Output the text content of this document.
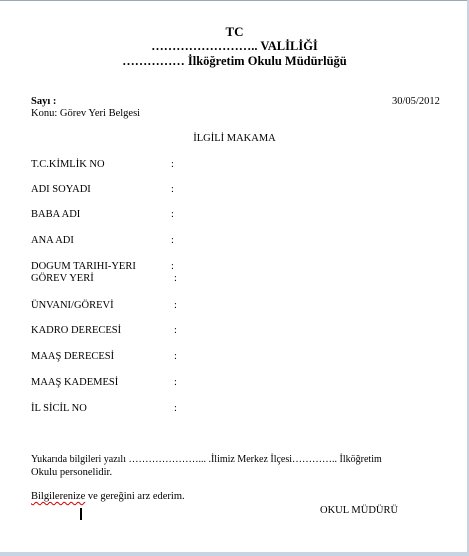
TC
…………………….. VALİLİĞİ
…………… İlköğretim Okulu Müdürlüğü
Sayı :
Konu: Görev Yeri Belgesi
30/05/2012
İLGİLİ MAKAMA
T.C.KİMLİK NO	:
ADI SOYADI	:
BABA ADI	:
ANA ADI	:
DOGUM TARIHI-YERI	:
GÖREV YERİ	:
ÜNVANI/GÖREVİ	:
KADRO DERECESİ	:
MAAŞ DERECESİ	:
MAAŞ KADEMESİ	:
İL SİCİL NO	:
Yukarıda bilgileri yazılı …………………... .İlimiz Merkez İlçesi………….. İlköğretim
Okulu personelidir.
Bilgilerenize ve gereğini arz ederim.
OKUL MÜDÜRÜ
